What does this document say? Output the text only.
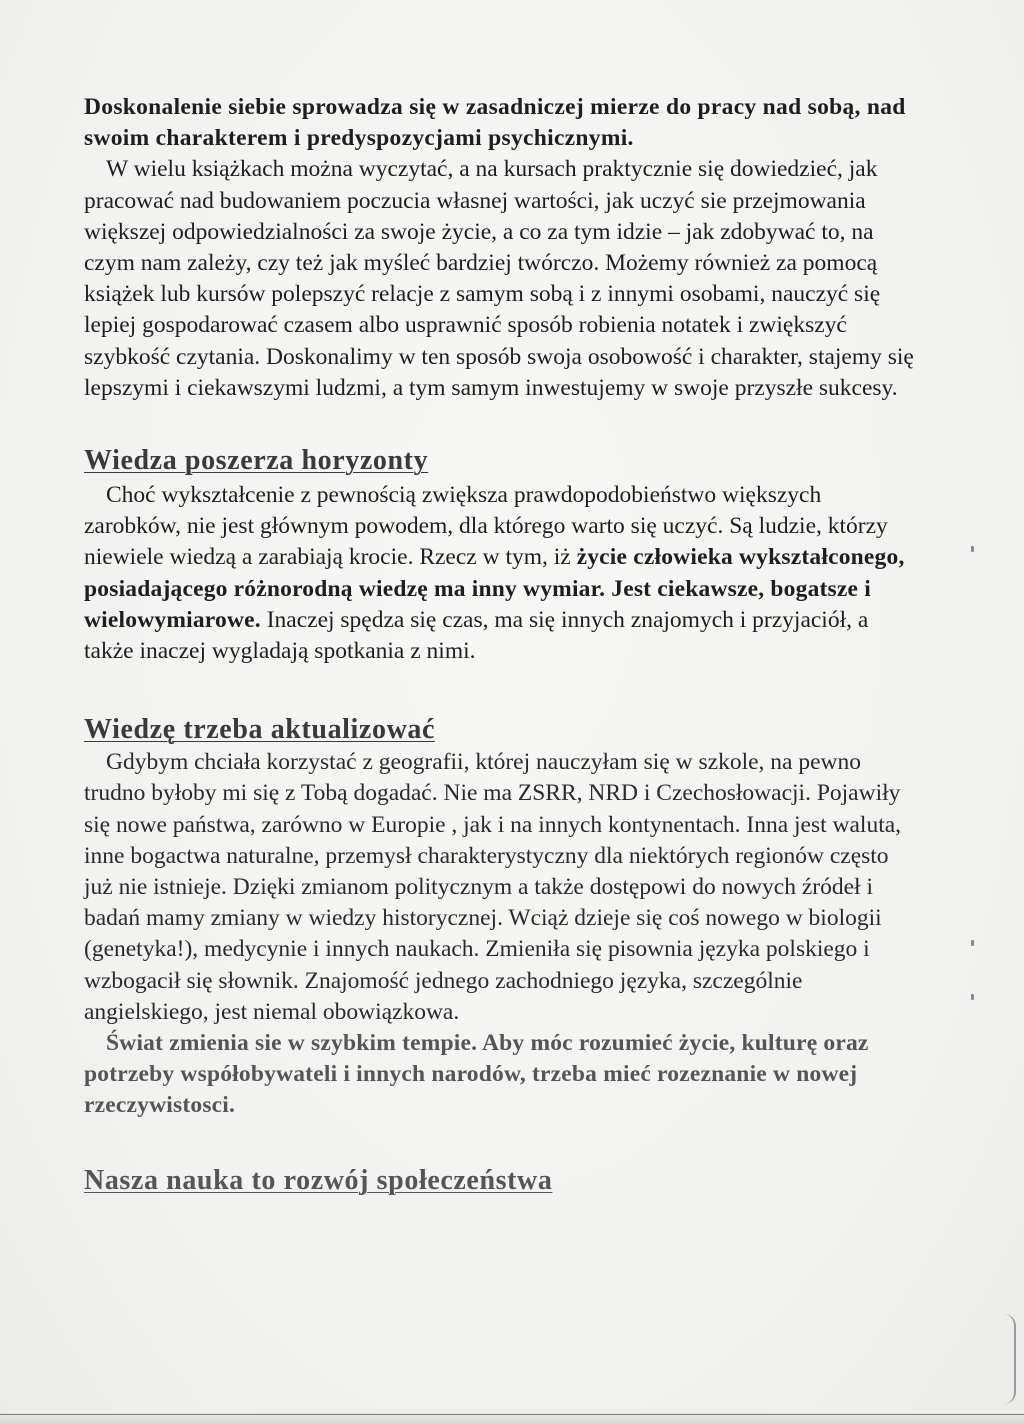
Doskonalenie siebie sprowadza się w zasadniczej mierze do pracy nad sobą, nad swoim charakterem i predyspozycjami psychicznymi.
W wielu książkach można wyczytać, a na kursach praktycznie się dowiedzieć, jak pracować nad budowaniem poczucia własnej wartości, jak uczyć sie przejmowania większej odpowiedzialności za swoje życie, a co za tym idzie – jak zdobywać to, na czym nam zależy, czy też jak myśleć bardziej twórczo. Możemy również za pomocą książek lub kursów polepszyć relacje z samym sobą i z innymi osobami, nauczyć się lepiej gospodarować czasem albo usprawnić sposób robienia notatek i zwiększyć szybkość czytania. Doskonalimy w ten sposób swoja osobowość i charakter, stajemy się lepszymi i ciekawszymi ludzmi, a tym samym inwestujemy w swoje przyszłe sukcesy.

Wiedza poszerza horyzonty

Choć wykształcenie z pewnością zwiększa prawdopodobieństwo większych zarobków, nie jest głównym powodem, dla którego warto się uczyć. Są ludzie, którzy niewiele wiedzą a zarabiają krocie. Rzecz w tym, iż życie człowieka wykształconego, posiadającego różnorodną wiedzę ma inny wymiar. Jest ciekawsze, bogatsze i wielowymiarowe. Inaczej spędza się czas, ma się innych znajomych i przyjaciół, a także inaczej wygladają spotkania z nimi.

Wiedzę trzeba aktualizować

Gdybym chciała korzystać z geografii, której nauczyłam się w szkole, na pewno trudno byłoby mi się z Tobą dogadać. Nie ma ZSRR, NRD i Czechosłowacji. Pojawiły się nowe państwa, zarówno w Europie , jak i na innych kontynentach. Inna jest waluta, inne bogactwa naturalne, przemysł charakterystyczny dla niektórych regionów często już nie istnieje. Dzięki zmianom politycznym a także dostępowi do nowych źródeł i badań mamy zmiany w wiedzy historycznej. Wciąż dzieje się coś nowego w biologii (genetyka!), medycynie i innych naukach. Zmieniła się pisownia języka polskiego i wzbogacił się słownik. Znajomość jednego zachodniego języka, szczególnie angielskiego, jest niemal obowiązkowa.
Świat zmienia sie w szybkim tempie. Aby móc rozumieć życie, kulturę oraz potrzeby współobywateli i innych narodów, trzeba mieć rozeznanie w nowej rzeczywistosci.

Nasza nauka to rozwój społeczeństwa
